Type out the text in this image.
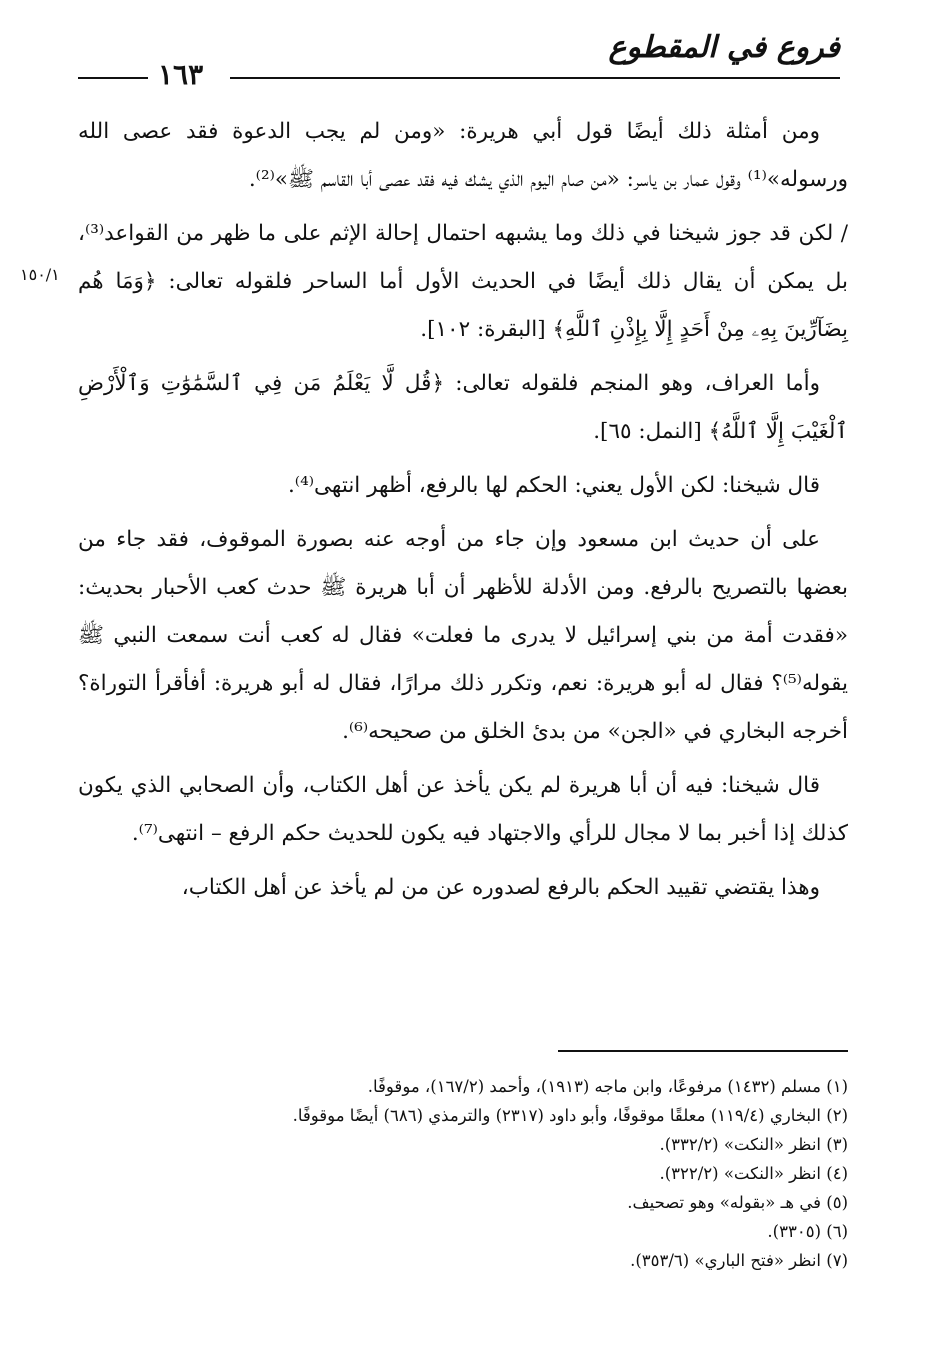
فروع في المقطوع
١٦٣
١٥٠/١

ومن أمثلة ذلك أيضًا قول أبي هريرة: «ومن لم يجب الدعوة فقد عصى الله ورسوله»⁽¹⁾ وقول عمار بن ياسر: «من صام اليوم الذي يشك فيه فقد عصى أبا القاسم ﷺ»⁽²⁾.

/ لكن قد جوز شيخنا في ذلك وما يشبهه احتمال إحالة الإثم على ما ظهر من القواعد⁽³⁾، بل يمكن أن يقال ذلك أيضًا في الحديث الأول أما الساحر فلقوله تعالى: ﴿وَمَا هُم بِضَآرِّينَ بِهِۦ مِنْ أَحَدٍ إِلَّا بِإِذْنِ ٱللَّهِ﴾ [البقرة: ١٠٢].

وأما العراف، وهو المنجم فلقوله تعالى: ﴿قُل لَّا يَعْلَمُ مَن فِي ٱلسَّمَٰوَٰتِ وَٱلْأَرْضِ ٱلْغَيْبَ إِلَّا ٱللَّهُ﴾ [النمل: ٦٥].

قال شيخنا: لكن الأول يعني: الحكم لها بالرفع، أظهر انتهى⁽⁴⁾.

على أن حديث ابن مسعود وإن جاء من أوجه عنه بصورة الموقوف، فقد جاء من بعضها بالتصريح بالرفع. ومن الأدلة للأظهر أن أبا هريرة ﷺ حدث كعب الأحبار بحديث: «فقدت أمة من بني إسرائيل لا يدرى ما فعلت» فقال له كعب أنت سمعت النبي ﷺ يقوله⁽⁵⁾؟ فقال له أبو هريرة: نعم، وتكرر ذلك مرارًا، فقال له أبو هريرة: أفأقرأ التوراة؟ أخرجه البخاري في «الجن» من بدئ الخلق من صحيحه⁽⁶⁾.

قال شيخنا: فيه أن أبا هريرة لم يكن يأخذ عن أهل الكتاب، وأن الصحابي الذي يكون كذلك إذا أخبر بما لا مجال للرأي والاجتهاد فيه يكون للحديث حكم الرفع – انتهى⁽⁷⁾.

وهذا يقتضي تقييد الحكم بالرفع لصدوره عن من لم يأخذ عن أهل الكتاب،

(١) مسلم (١٤٣٢) مرفوعًا، وابن ماجه (١٩١٣)، وأحمد (١٦٧/٢)، موقوفًا.

(٢) البخاري (١١٩/٤) معلقًا موقوفًا، وأبو داود (٢٣١٧) والترمذي (٦٨٦) أيضًا موقوفًا.

(٣) انظر «النكت» (٣٣٢/٢).

(٤) انظر «النكت» (٣٢٢/٢).

(٥) في هـ «بقوله» وهو تصحيف.

(٦) (٣٣٠٥).

(٧) انظر «فتح الباري» (٣٥٣/٦).
